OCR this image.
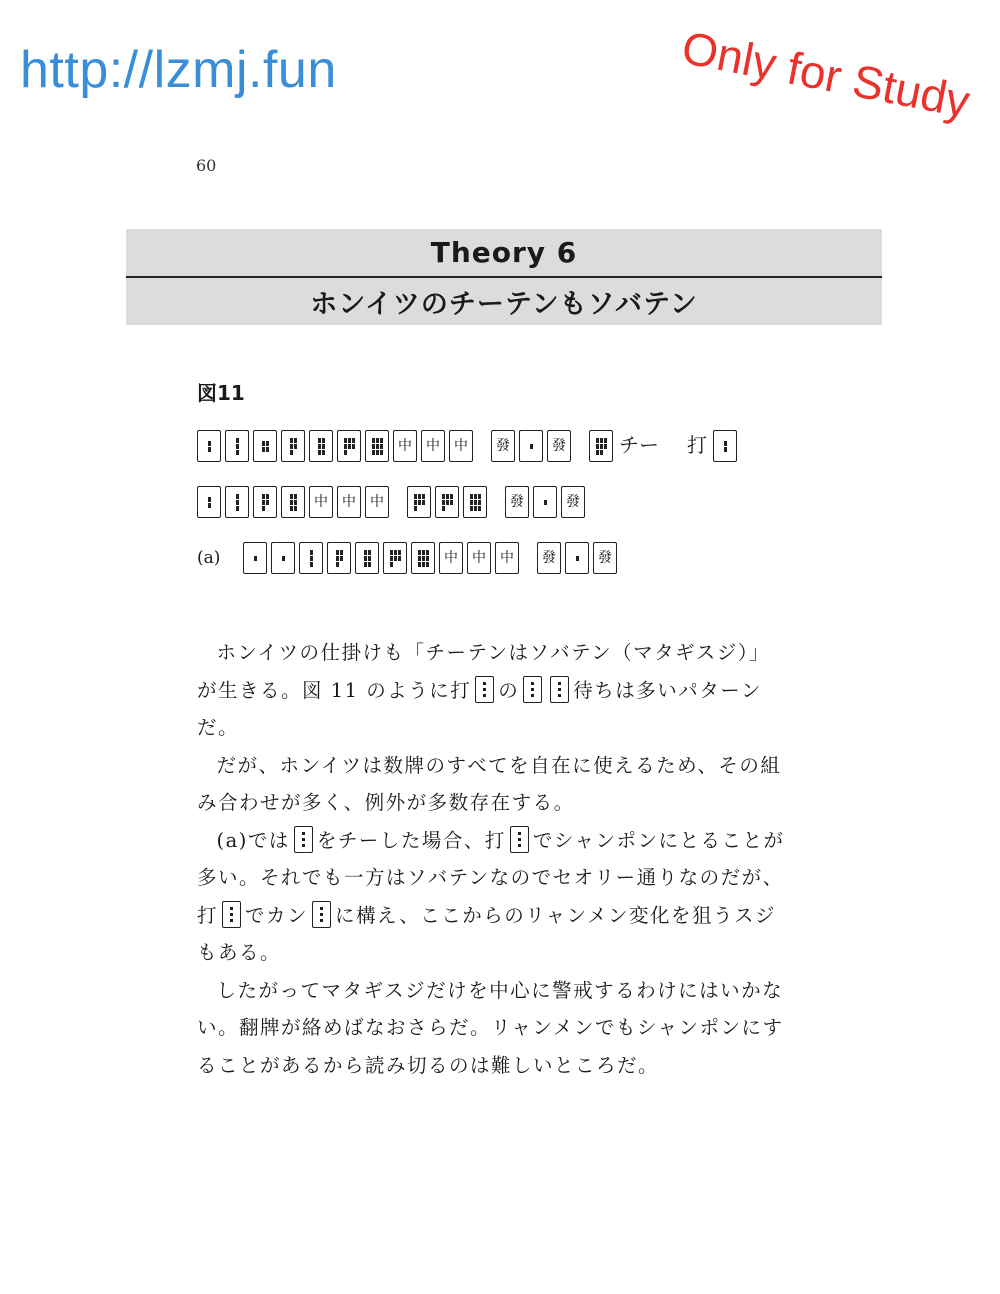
http://lzmj.fun	Only for Study
60
Theory 6
ホンイツのチーテンもソバテン
図11
中	中	中	發	發	チー 打
中	中	中	發	發
(a)	中	中	中	發	發

ホンイツの仕掛けも「チーテンはソバテン（マタギスジ）」が生きる。図 11 のように打 の	待ちは多いパターンだ。

だが、ホンイツは数牌のすべてを自在に使えるため、その組み合わせが多く、例外が多数存在する。

(a)では をチーした場合、打 でシャンポンにとることが多い。それでも一方はソバテンなのでセオリー通りなのだが、打 でカン に構え、ここからのリャンメン変化を狙うスジもある。

したがってマタギスジだけを中心に警戒するわけにはいかない。翻牌が絡めばなおさらだ。リャンメンでもシャンポンにすることがあるから読み切るのは難しいところだ。
